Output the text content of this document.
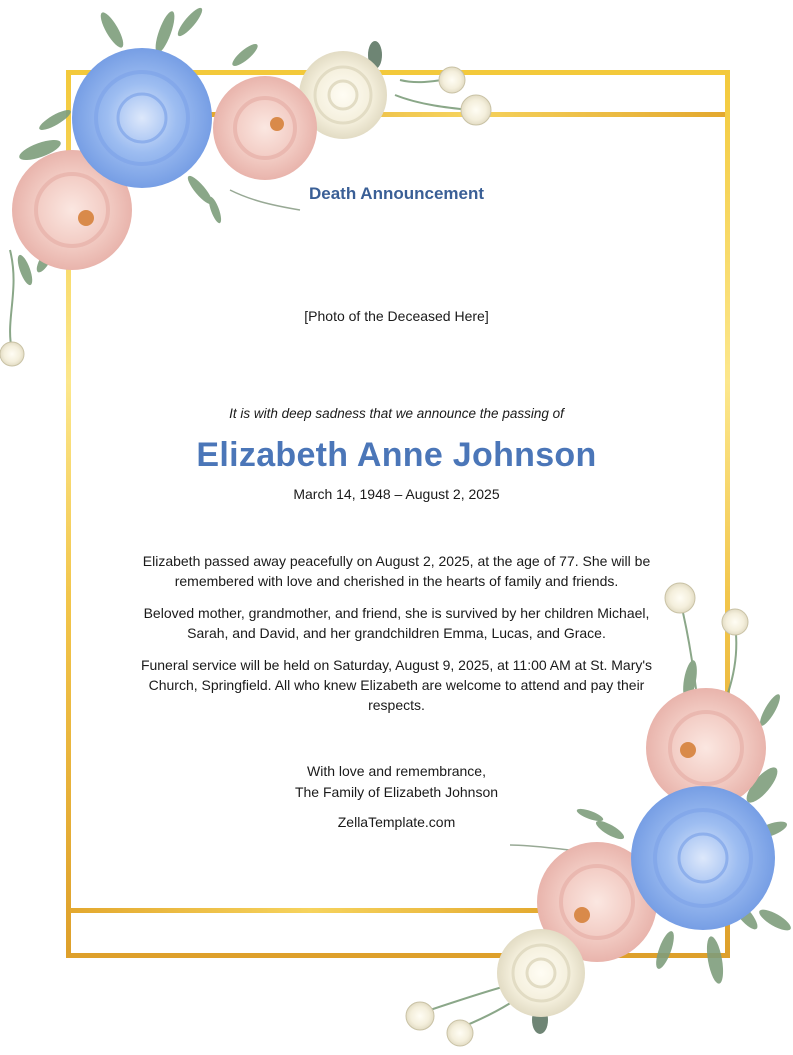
Death Announcement
[Photo of the Deceased Here]
It is with deep sadness that we announce the passing of
Elizabeth Anne Johnson
March 14, 1948 – August 2, 2025
Elizabeth passed away peacefully on August 2, 2025, at the age of 77. She will be remembered with love and cherished in the hearts of family and friends.
Beloved mother, grandmother, and friend, she is survived by her children Michael, Sarah, and David, and her grandchildren Emma, Lucas, and Grace.
Funeral service will be held on Saturday, August 9, 2025, at 11:00 AM at St. Mary's Church, Springfield. All who knew Elizabeth are welcome to attend and pay their respects.
With love and remembrance,
The Family of Elizabeth Johnson
ZellaTemplate.com
